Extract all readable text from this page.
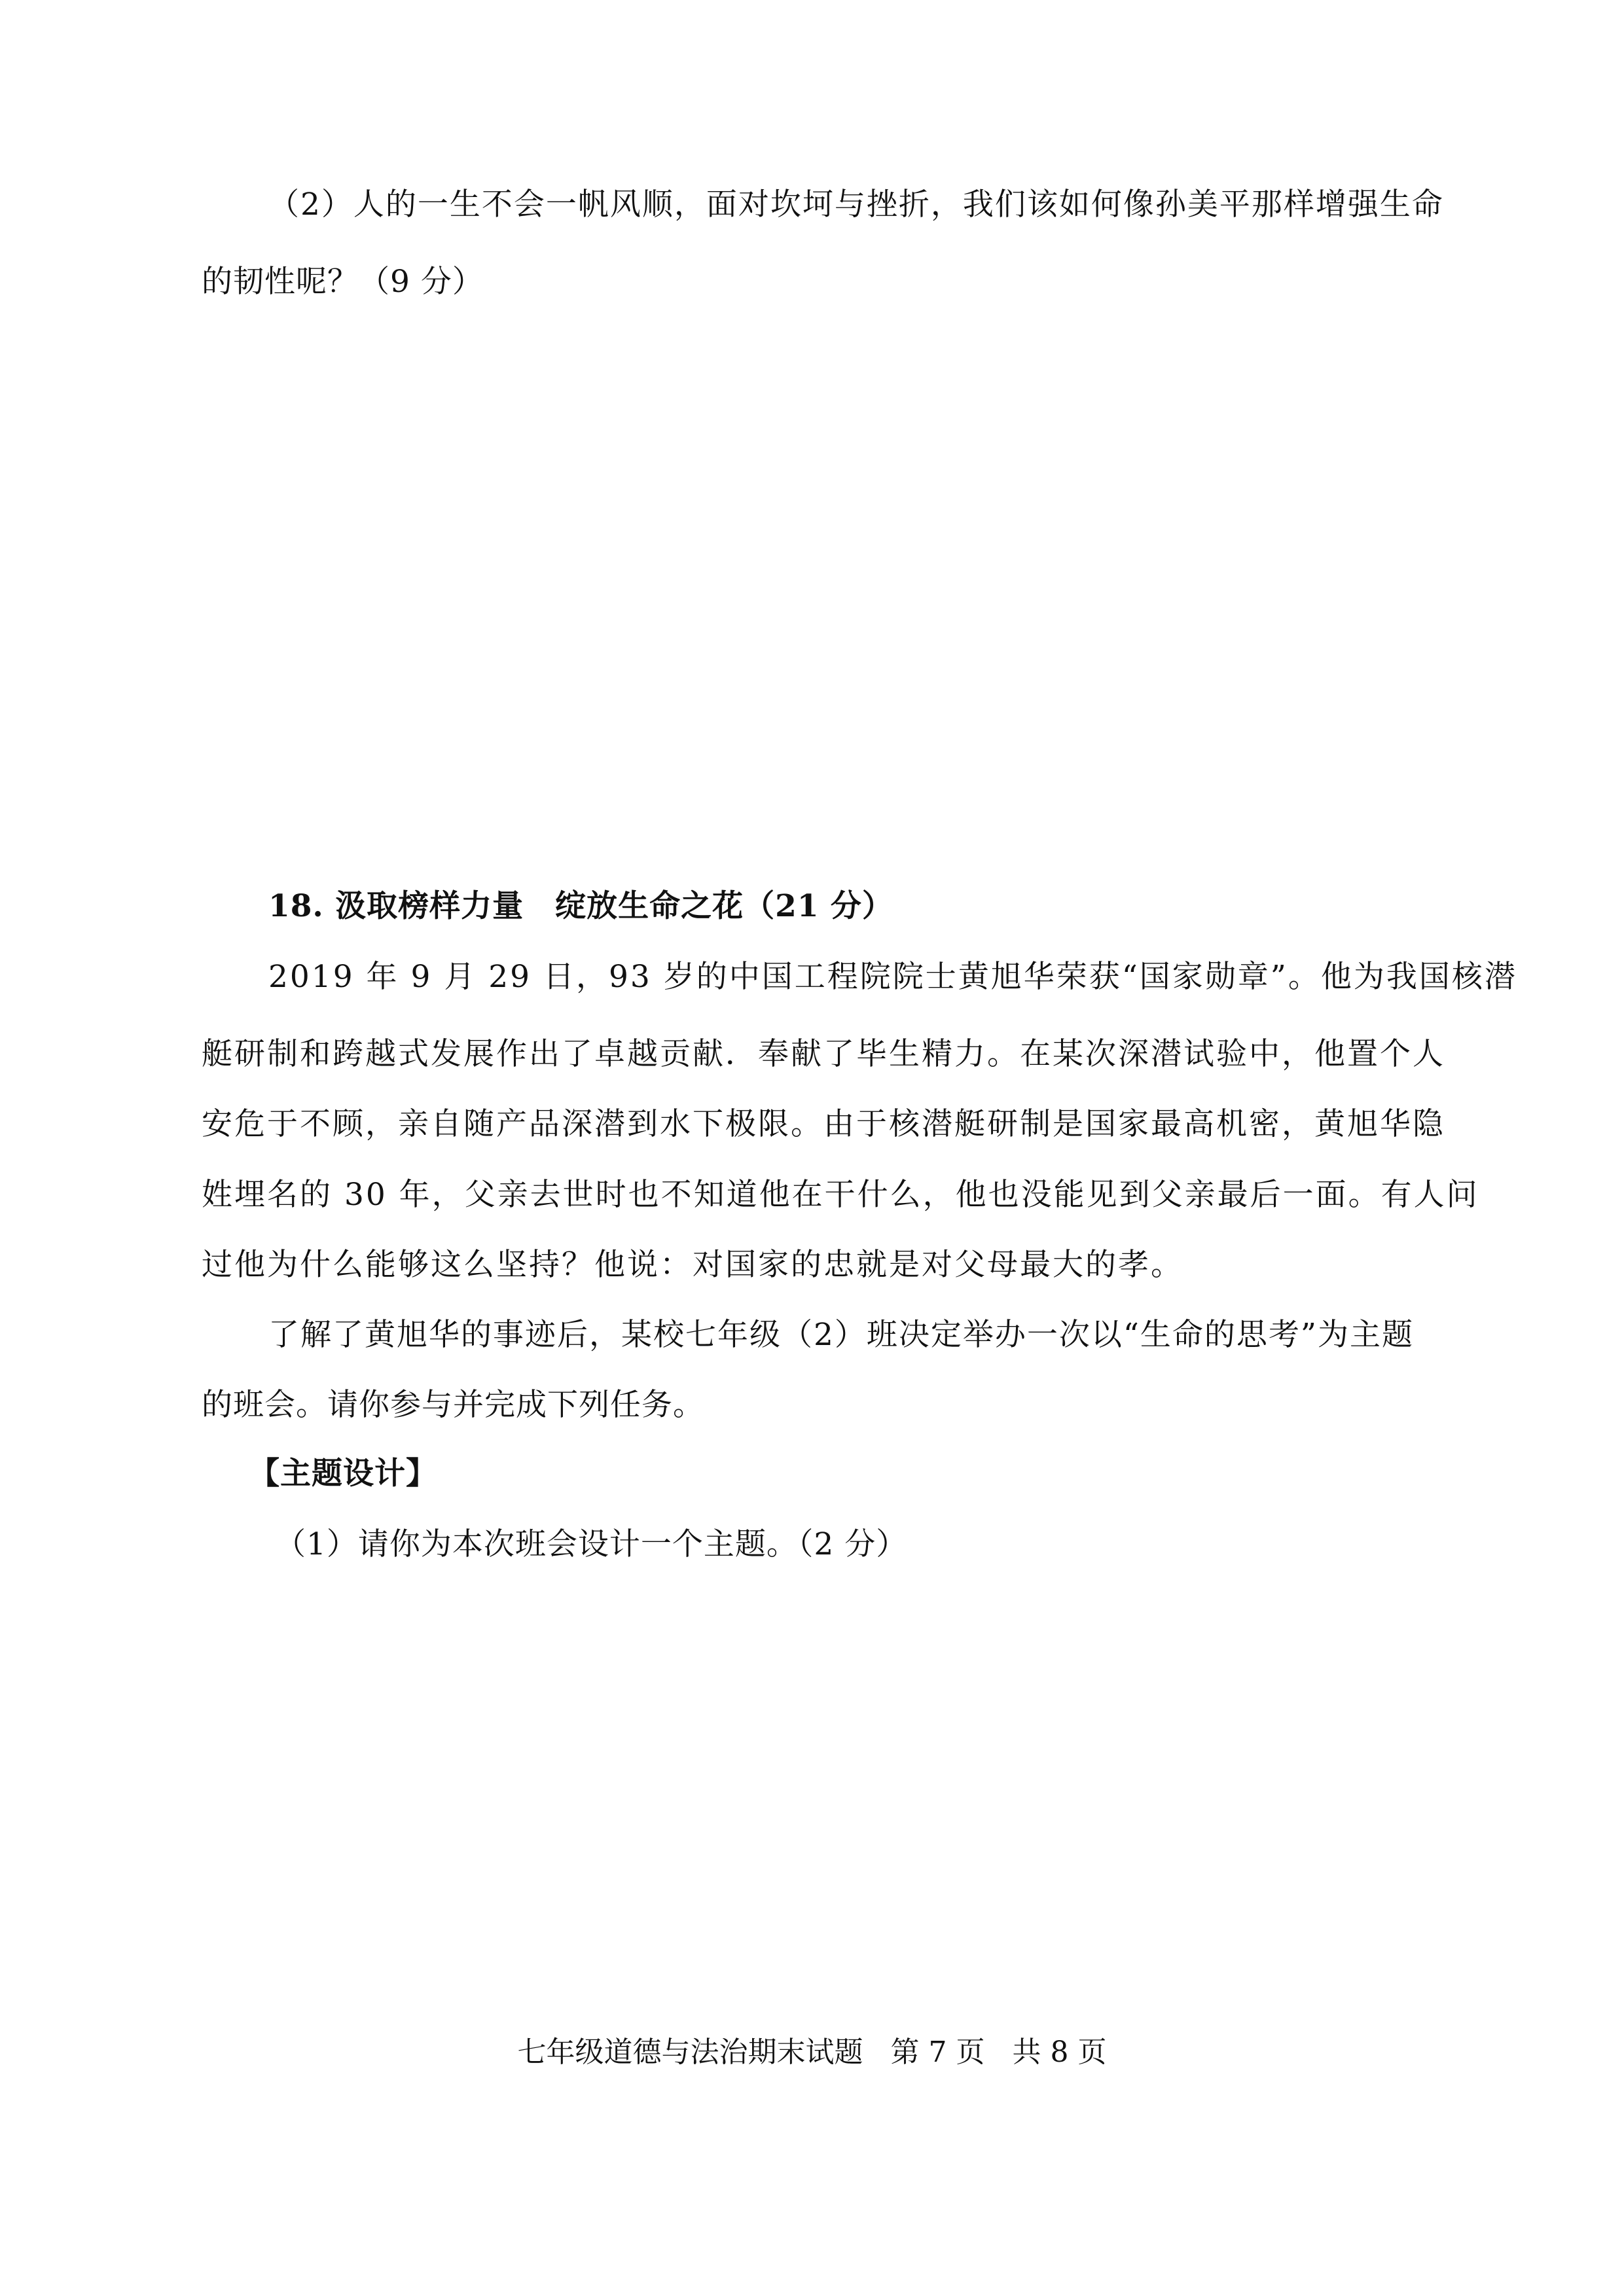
（2）人的一生不会一帆风顺，面对坎坷与挫折，我们该如何像孙美平那样增强生命
的韧性呢？（9 分）
18. 汲取榜样力量　绽放生命之花（21 分）
2019 年 9 月 29 日，93 岁的中国工程院院士黄旭华荣获“国家勋章”。他为我国核潜
艇研制和跨越式发展作出了卓越贡献．奉献了毕生精力。在某次深潜试验中，他置个人
安危于不顾，亲自随产品深潜到水下极限。由于核潜艇研制是国家最高机密，黄旭华隐
姓埋名的 30 年，父亲去世时也不知道他在干什么，他也没能见到父亲最后一面。有人问
过他为什么能够这么坚持？他说：对国家的忠就是对父母最大的孝。
了解了黄旭华的事迹后，某校七年级（2）班决定举办一次以“生命的思考”为主题
的班会。请你参与并完成下列任务。
【主题设计】
（1）请你为本次班会设计一个主题。（2 分）
七年级道德与法治期末试题 第 7 页 共 8 页
